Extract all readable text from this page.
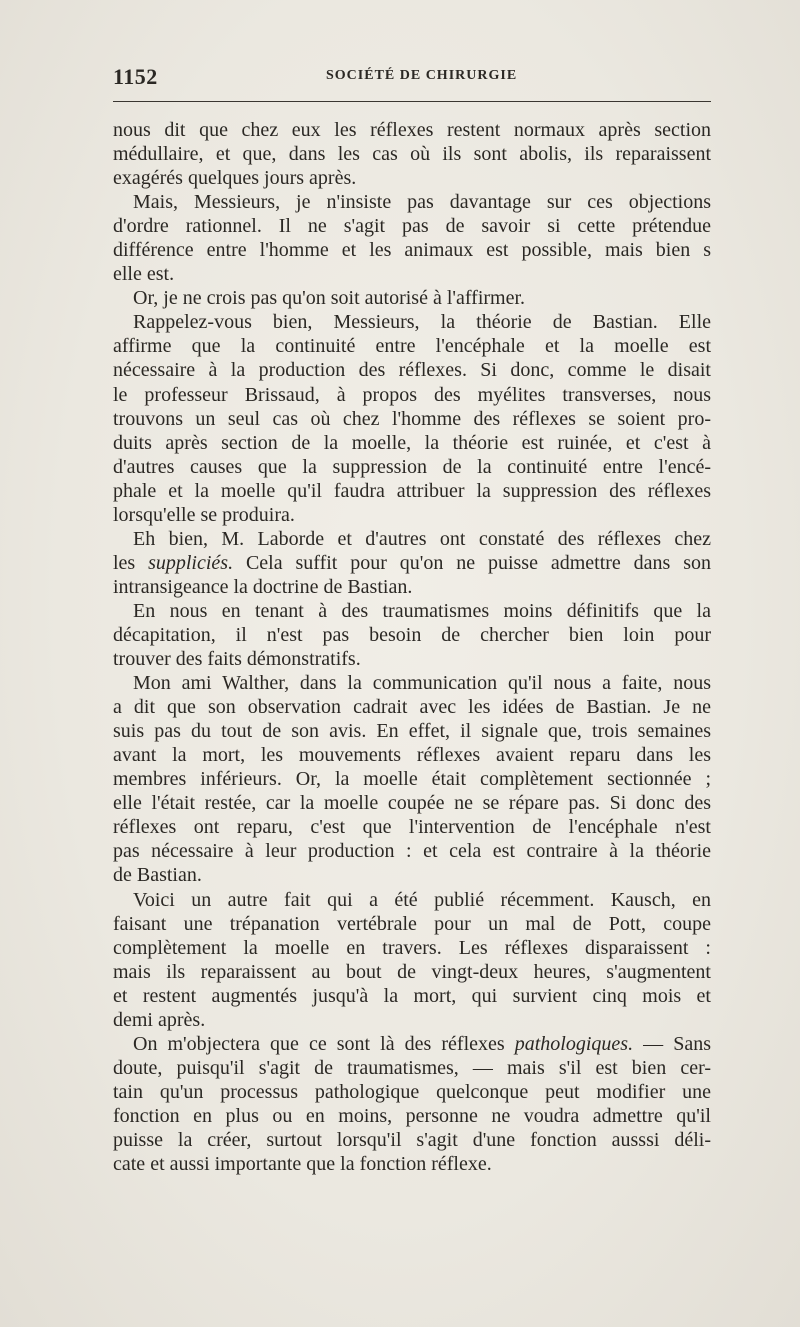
1152	SOCIÉTÉ DE CHIRURGIE
nous dit que chez eux les réflexes restent normaux après section
médullaire, et que, dans les cas où ils sont abolis, ils reparaissent
exagérés quelques jours après.
Mais, Messieurs, je n'insiste pas davantage sur ces objections
d'ordre rationnel. Il ne s'agit pas de savoir si cette prétendue
différence entre l'homme et les animaux est possible, mais bien s
elle est.
Or, je ne crois pas qu'on soit autorisé à l'affirmer.
Rappelez-vous bien, Messieurs, la théorie de Bastian. Elle
affirme que la continuité entre l'encéphale et la moelle est
nécessaire à la production des réflexes. Si donc, comme le disait
le professeur Brissaud, à propos des myélites transverses, nous
trouvons un seul cas où chez l'homme des réflexes se soient pro-
duits après section de la moelle, la théorie est ruinée, et c'est à
d'autres causes que la suppression de la continuité entre l'encé-
phale et la moelle qu'il faudra attribuer la suppression des réflexes
lorsqu'elle se produira.
Eh bien, M. Laborde et d'autres ont constaté des réflexes chez
les suppliciés. Cela suffit pour qu'on ne puisse admettre dans son
intransigeance la doctrine de Bastian.
En nous en tenant à des traumatismes moins définitifs que la
décapitation, il n'est pas besoin de chercher bien loin pour
trouver des faits démonstratifs.
Mon ami Walther, dans la communication qu'il nous a faite, nous
a dit que son observation cadrait avec les idées de Bastian. Je ne
suis pas du tout de son avis. En effet, il signale que, trois semaines
avant la mort, les mouvements réflexes avaient reparu dans les
membres inférieurs. Or, la moelle était complètement sectionnée ;
elle l'était restée, car la moelle coupée ne se répare pas. Si donc des
réflexes ont reparu, c'est que l'intervention de l'encéphale n'est
pas nécessaire à leur production : et cela est contraire à la théorie
de Bastian.
Voici un autre fait qui a été publié récemment. Kausch, en
faisant une trépanation vertébrale pour un mal de Pott, coupe
complètement la moelle en travers. Les réflexes disparaissent :
mais ils reparaissent au bout de vingt-deux heures, s'augmentent
et restent augmentés jusqu'à la mort, qui survient cinq mois et
demi après.
On m'objectera que ce sont là des réflexes pathologiques. — Sans
doute, puisqu'il s'agit de traumatismes, — mais s'il est bien cer-
tain qu'un processus pathologique quelconque peut modifier une
fonction en plus ou en moins, personne ne voudra admettre qu'il
puisse la créer, surtout lorsqu'il s'agit d'une fonction ausssi déli-
cate et aussi importante que la fonction réflexe.
